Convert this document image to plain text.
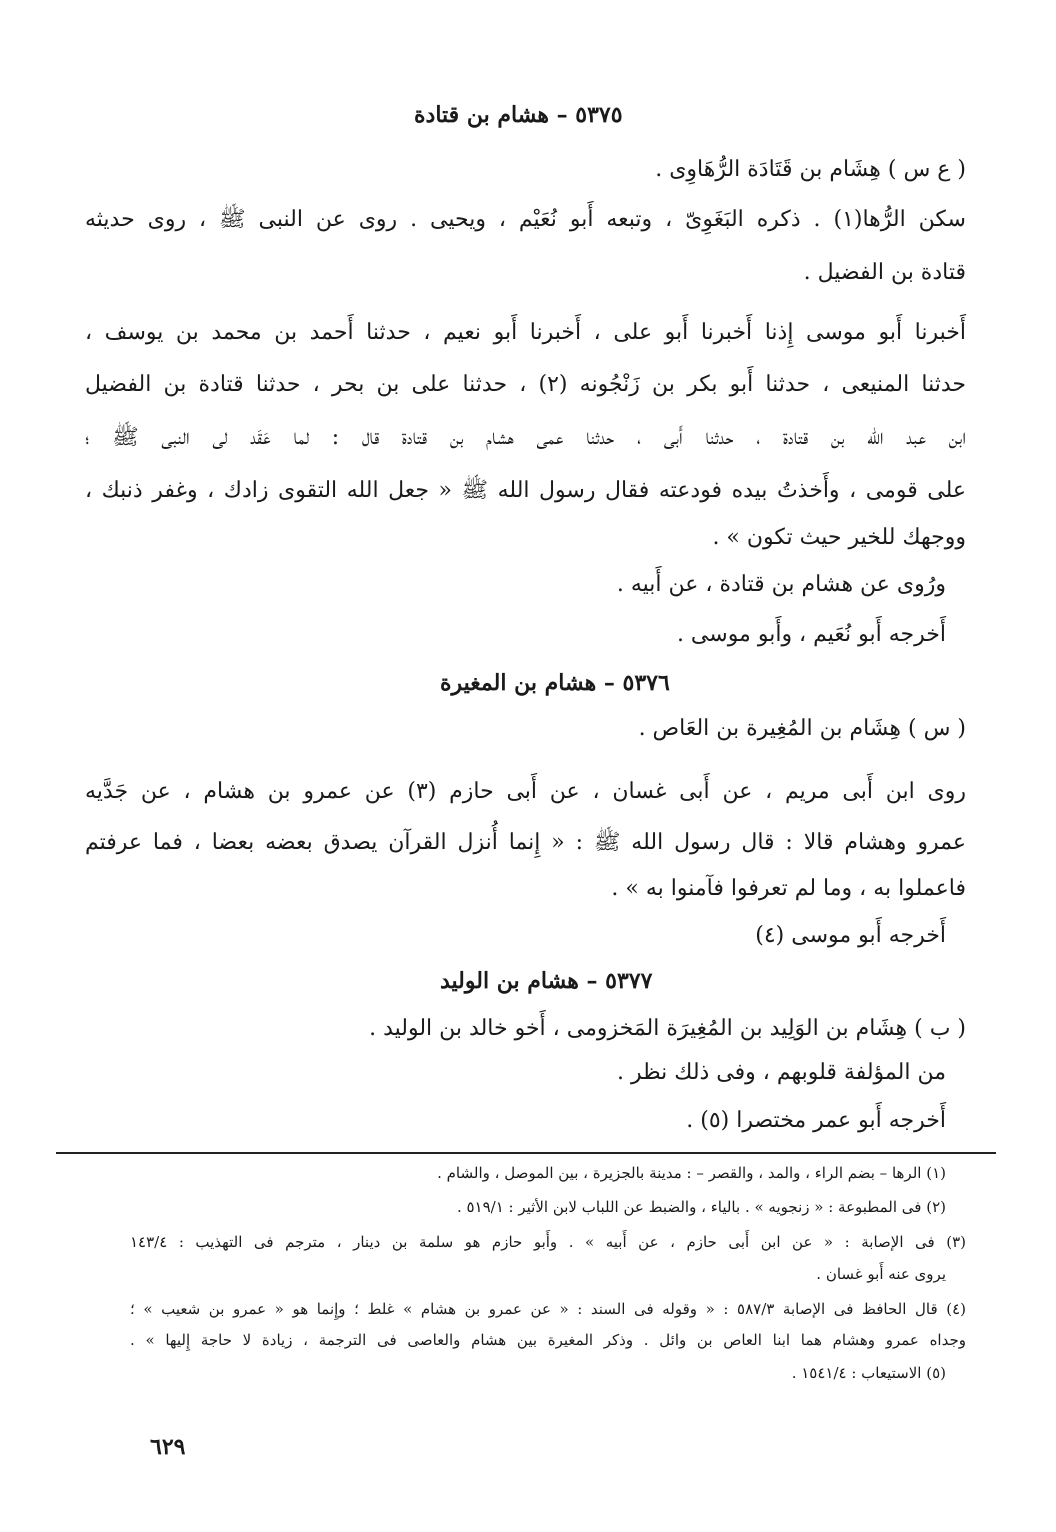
٥٣٧٥ – هشام بن قتادة
( ع س ) هِشَام بن قَتَادَة الرُّهَاوِى .
سكن الرُّها(١) . ذكره البَغَوِىّ ، وتبعه أَبو نُعَيْم ، ويحيى . روى عن النبى ﷺ ، روى حديثه
قتادة بن الفضيل .
أَخبرنا أَبو موسى إِذنا أَخبرنا أَبو على ، أَخبرنا أَبو نعيم ، حدثنا أَحمد بن محمد بن يوسف ،
حدثنا المنيعى ، حدثنا أَبو بكر بن زَنْجُونه (٢) ، حدثنا على بن بحر ، حدثنا قتادة بن الفضيل
ابن عبد الله بن قتادة ، حدثنا أَبى ، حدثنا عمى هشام بن قتادة قال : لما عَقَد لى النبى ﷺ ؛
على قومى ، وأَخذتُ بيده فودعته فقال رسول الله ﷺ « جعل الله التقوى زادك ، وغفر ذنبك ،
ووجهك للخير حيث تكون » .
ورُوى عن هشام بن قتادة ، عن أَبيه .
أَخرجه أَبو نُعَيم ، وأَبو موسى .
٥٣٧٦ – هشام بن المغيرة
( س ) هِشَام بن المُغِيرة بن العَاص .
روى ابن أَبى مريم ، عن أَبى غسان ، عن أَبى حازم (٣) عن عمرو بن هشام ، عن جَدَّيه
عمرو وهشام قالا : قال رسول الله ﷺ : « إِنما أُنزل القرآن يصدق بعضه بعضا ، فما عرفتم
فاعملوا به ، وما لم تعرفوا فآمنوا به » .
أَخرجه أَبو موسى (٤)
٥٣٧٧ – هشام بن الوليد
( ب ) هِشَام بن الوَلِيد بن المُغِيرَة المَخزومى ، أَخو خالد بن الوليد .
من المؤلفة قلوبهم ، وفى ذلك نظر .
أَخرجه أَبو عمر مختصرا (٥) .
(١) الرها – بضم الراء ، والمد ، والقصر – : مدينة بالجزيرة ، بين الموصل ، والشام .
(٢) فى المطبوعة : « زنجويه » . بالياء ، والضبط عن اللباب لابن الأثير : ٥١٩/١ .
(٣) فى الإصابة : « عن ابن أَبى حازم ، عن أَبيه » . وأَبو حازم هو سلمة بن دينار ، مترجم فى التهذيب : ١٤٣/٤
يروى عنه أَبو غسان .
(٤) قال الحافظ فى الإصابة ٥٨٧/٣ : « وقوله فى السند : « عن عمرو بن هشام » غلط ؛ وإِنما هو « عمرو بن شعيب » ؛
وجداه عمرو وهشام هما ابنا العاص بن وائل . وذكر المغيرة بين هشام والعاصى فى الترجمة ، زيادة لا حاجة إِليها » .
(٥) الاستيعاب : ١٥٤١/٤ .
٦٢٩
